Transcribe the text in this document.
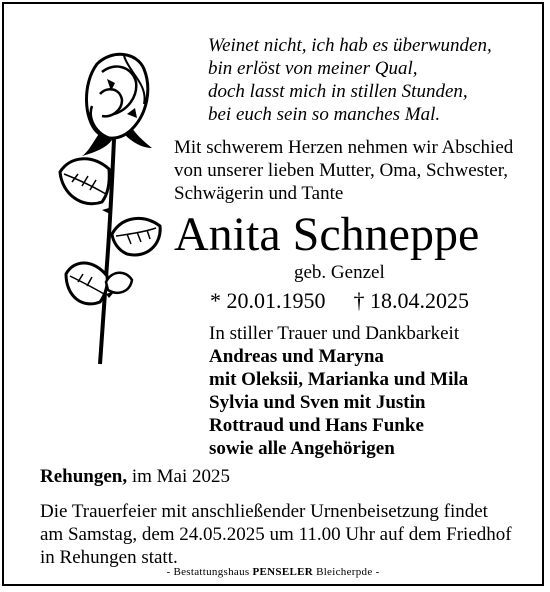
Weinet nicht, ich hab es überwunden,
bin erlöst von meiner Qual,
doch lasst mich in stillen Stunden,
bei euch sein so manches Mal.
Mit schwerem Herzen nehmen wir Abschied
von unserer lieben Mutter, Oma, Schwester,
Schwägerin und Tante
Anita Schneppe
geb. Genzel
* 20.01.1950 † 18.04.2025
In stiller Trauer und Dankbarkeit
Andreas und Maryna
mit Oleksii, Marianka und Mila
Sylvia und Sven mit Justin
Rottraud und Hans Funke
sowie alle Angehörigen
Rehungen, im Mai 2025
Die Trauerfeier mit anschließender Urnenbeisetzung findet
am Samstag, dem 24.05.2025 um 11.00 Uhr auf dem Friedhof
in Rehungen statt.
- Bestattungshaus PENSELER Bleicherpde -
